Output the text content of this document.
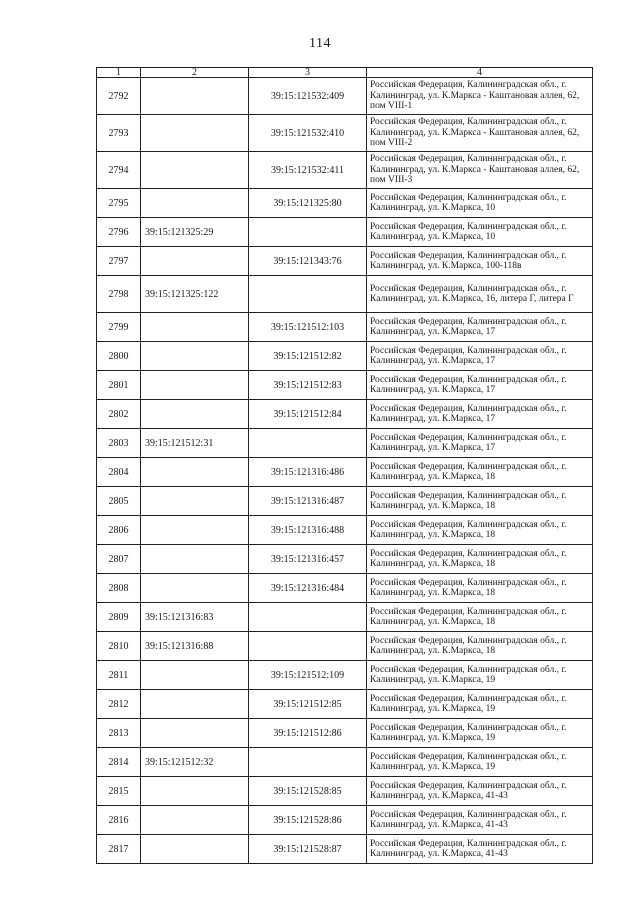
114
1	2	3	4
2792		39:15:121532:409	Российская Федерация, Калининградская обл., г. Калининград, ул. К.Маркса - Каштановая аллея, 62, пом VIII-1
2793		39:15:121532:410	Российская Федерация, Калининградская обл., г. Калининград, ул. К.Маркса - Каштановая аллея, 62, пом VIII-2
2794		39:15:121532:411	Российская Федерация, Калининградская обл., г. Калининград, ул. К.Маркса - Каштановая аллея, 62, пом VIII-3
2795		39:15:121325:80	Российская Федерация, Калининградская обл., г. Калининград, ул. К.Маркса, 10
2796	39:15:121325:29		Российская Федерация, Калининградская обл., г. Калининград, ул. К.Маркса, 10
2797		39:15:121343:76	Российская Федерация, Калининградская обл., г. Калининград, ул. К.Маркса, 100-118в
2798	39:15:121325:122		Российская Федерация, Калининградская обл., г. Калининград, ул. К.Маркса, 16, литера Г, литера Г
2799		39:15:121512:103	Российская Федерация, Калининградская обл., г. Калининград, ул. К.Маркса, 17
2800		39:15:121512:82	Российская Федерация, Калининградская обл., г. Калининград, ул. К.Маркса, 17
2801		39:15:121512:83	Российская Федерация, Калининградская обл., г. Калининград, ул. К.Маркса, 17
2802		39:15:121512:84	Российская Федерация, Калининградская обл., г. Калининград, ул. К.Маркса, 17
2803	39:15:121512:31		Российская Федерация, Калининградская обл., г. Калининград, ул. К.Маркса, 17
2804		39:15:121316:486	Российская Федерация, Калининградская обл., г. Калининград, ул. К.Маркса, 18
2805		39:15:121316:487	Российская Федерация, Калининградская обл., г. Калининград, ул. К.Маркса, 18
2806		39:15:121316:488	Российская Федерация, Калининградская обл., г. Калининград, ул. К.Маркса, 18
2807		39:15:121316:457	Российская Федерация, Калининградская обл., г. Калининград, ул. К.Маркса, 18
2808		39:15:121316:484	Российская Федерация, Калининградская обл., г. Калининград, ул. К.Маркса, 18
2809	39:15:121316:83		Российская Федерация, Калининградская обл., г. Калининград, ул. К.Маркса, 18
2810	39:15:121316:88		Российская Федерация, Калининградская обл., г. Калининград, ул. К.Маркса, 18
2811		39:15:121512:109	Российская Федерация, Калининградская обл., г. Калининград, ул. К.Маркса, 19
2812		39:15:121512:85	Российская Федерация, Калининградская обл., г. Калининград, ул. К.Маркса, 19
2813		39:15:121512:86	Российская Федерация, Калининградская обл., г. Калининград, ул. К.Маркса, 19
2814	39:15:121512:32		Российская Федерация, Калининградская обл., г. Калининград, ул. К.Маркса, 19
2815		39:15:121528:85	Российская Федерация, Калининградская обл., г. Калининград, ул. К.Маркса, 41-43
2816		39:15:121528:86	Российская Федерация, Калининградская обл., г. Калининград, ул. К.Маркса, 41-43
2817		39:15:121528:87	Российская Федерация, Калининградская обл., г. Калининград, ул. К.Маркса, 41-43
